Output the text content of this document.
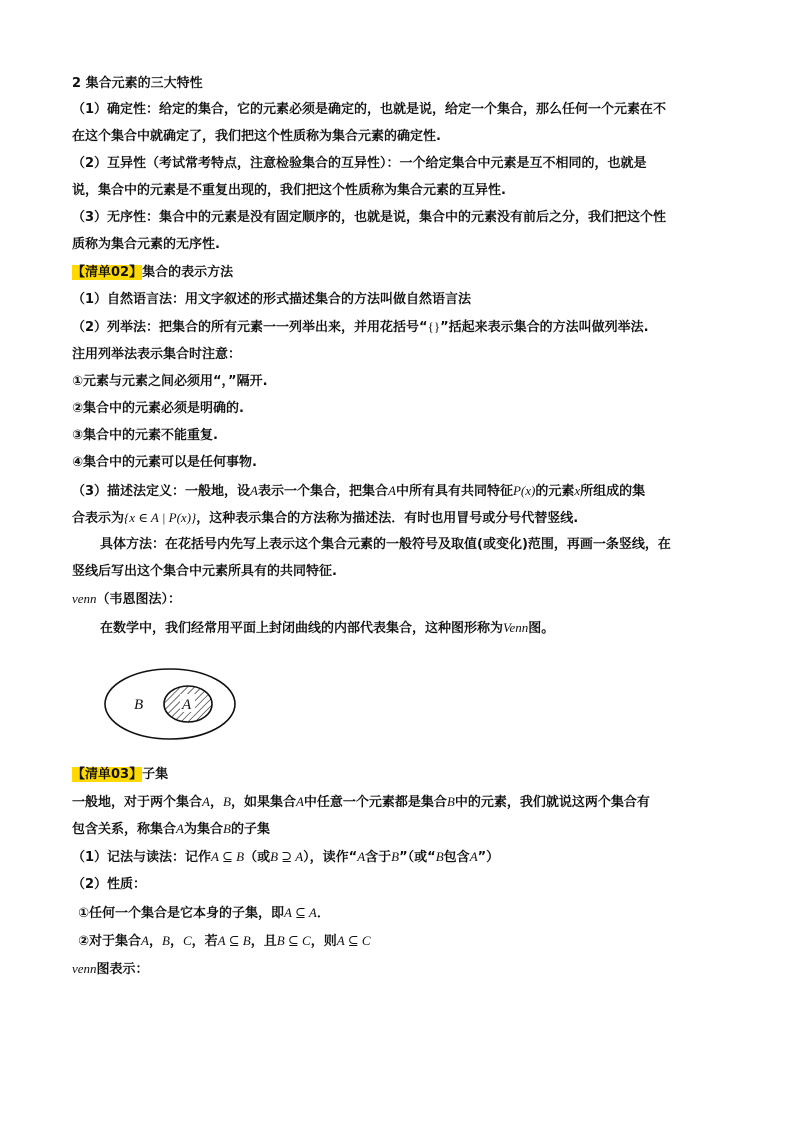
2 集合元素的三大特性
（1）确定性：给定的集合，它的元素必须是确定的，也就是说，给定一个集合，那么任何一个元素在不
在这个集合中就确定了，我们把这个性质称为集合元素的确定性.
（2）互异性（考试常考特点，注意检验集合的互异性）：一个给定集合中元素是互不相同的，也就是
说，集合中的元素是不重复出现的，我们把这个性质称为集合元素的互异性.
（3）无序性：集合中的元素是没有固定顺序的，也就是说，集合中的元素没有前后之分，我们把这个性
质称为集合元素的无序性.
【清单02】集合的表示方法
（1）自然语言法：用文字叙述的形式描述集合的方法叫做自然语言法
（2）列举法：把集合的所有元素一一列举出来，并用花括号“{}”括起来表示集合的方法叫做列举法.
注用列举法表示集合时注意：
①元素与元素之间必须用“，”隔开.
②集合中的元素必须是明确的.
③集合中的元素不能重复.
④集合中的元素可以是任何事物.
（3）描述法定义：一般地，设A表示一个集合，把集合A中所有具有共同特征P(x)的元素x所组成的集
合表示为{x ∈ A | P(x)}，这种表示集合的方法称为描述法．有时也用冒号或分号代替竖线.
具体方法：在花括号内先写上表示这个集合元素的一般符号及取值(或变化)范围，再画一条竖线，在
竖线后写出这个集合中元素所具有的共同特征.
venn（韦恩图法）：
在数学中，我们经常用平面上封闭曲线的内部代表集合，这种图形称为Venn图。
B	A
【清单03】子集
一般地，对于两个集合A，B，如果集合A中任意一个元素都是集合B中的元素，我们就说这两个集合有
包含关系，称集合A为集合B的子集
（1）记法与读法：记作A ⊆ B（或B ⊇ A），读作“A含于B”（或“B包含A”）
（2）性质：
①任何一个集合是它本身的子集，即A ⊆ A．
②对于集合A，B，C，若A ⊆ B，且B ⊆ C，则A ⊆ C
venn图表示：
